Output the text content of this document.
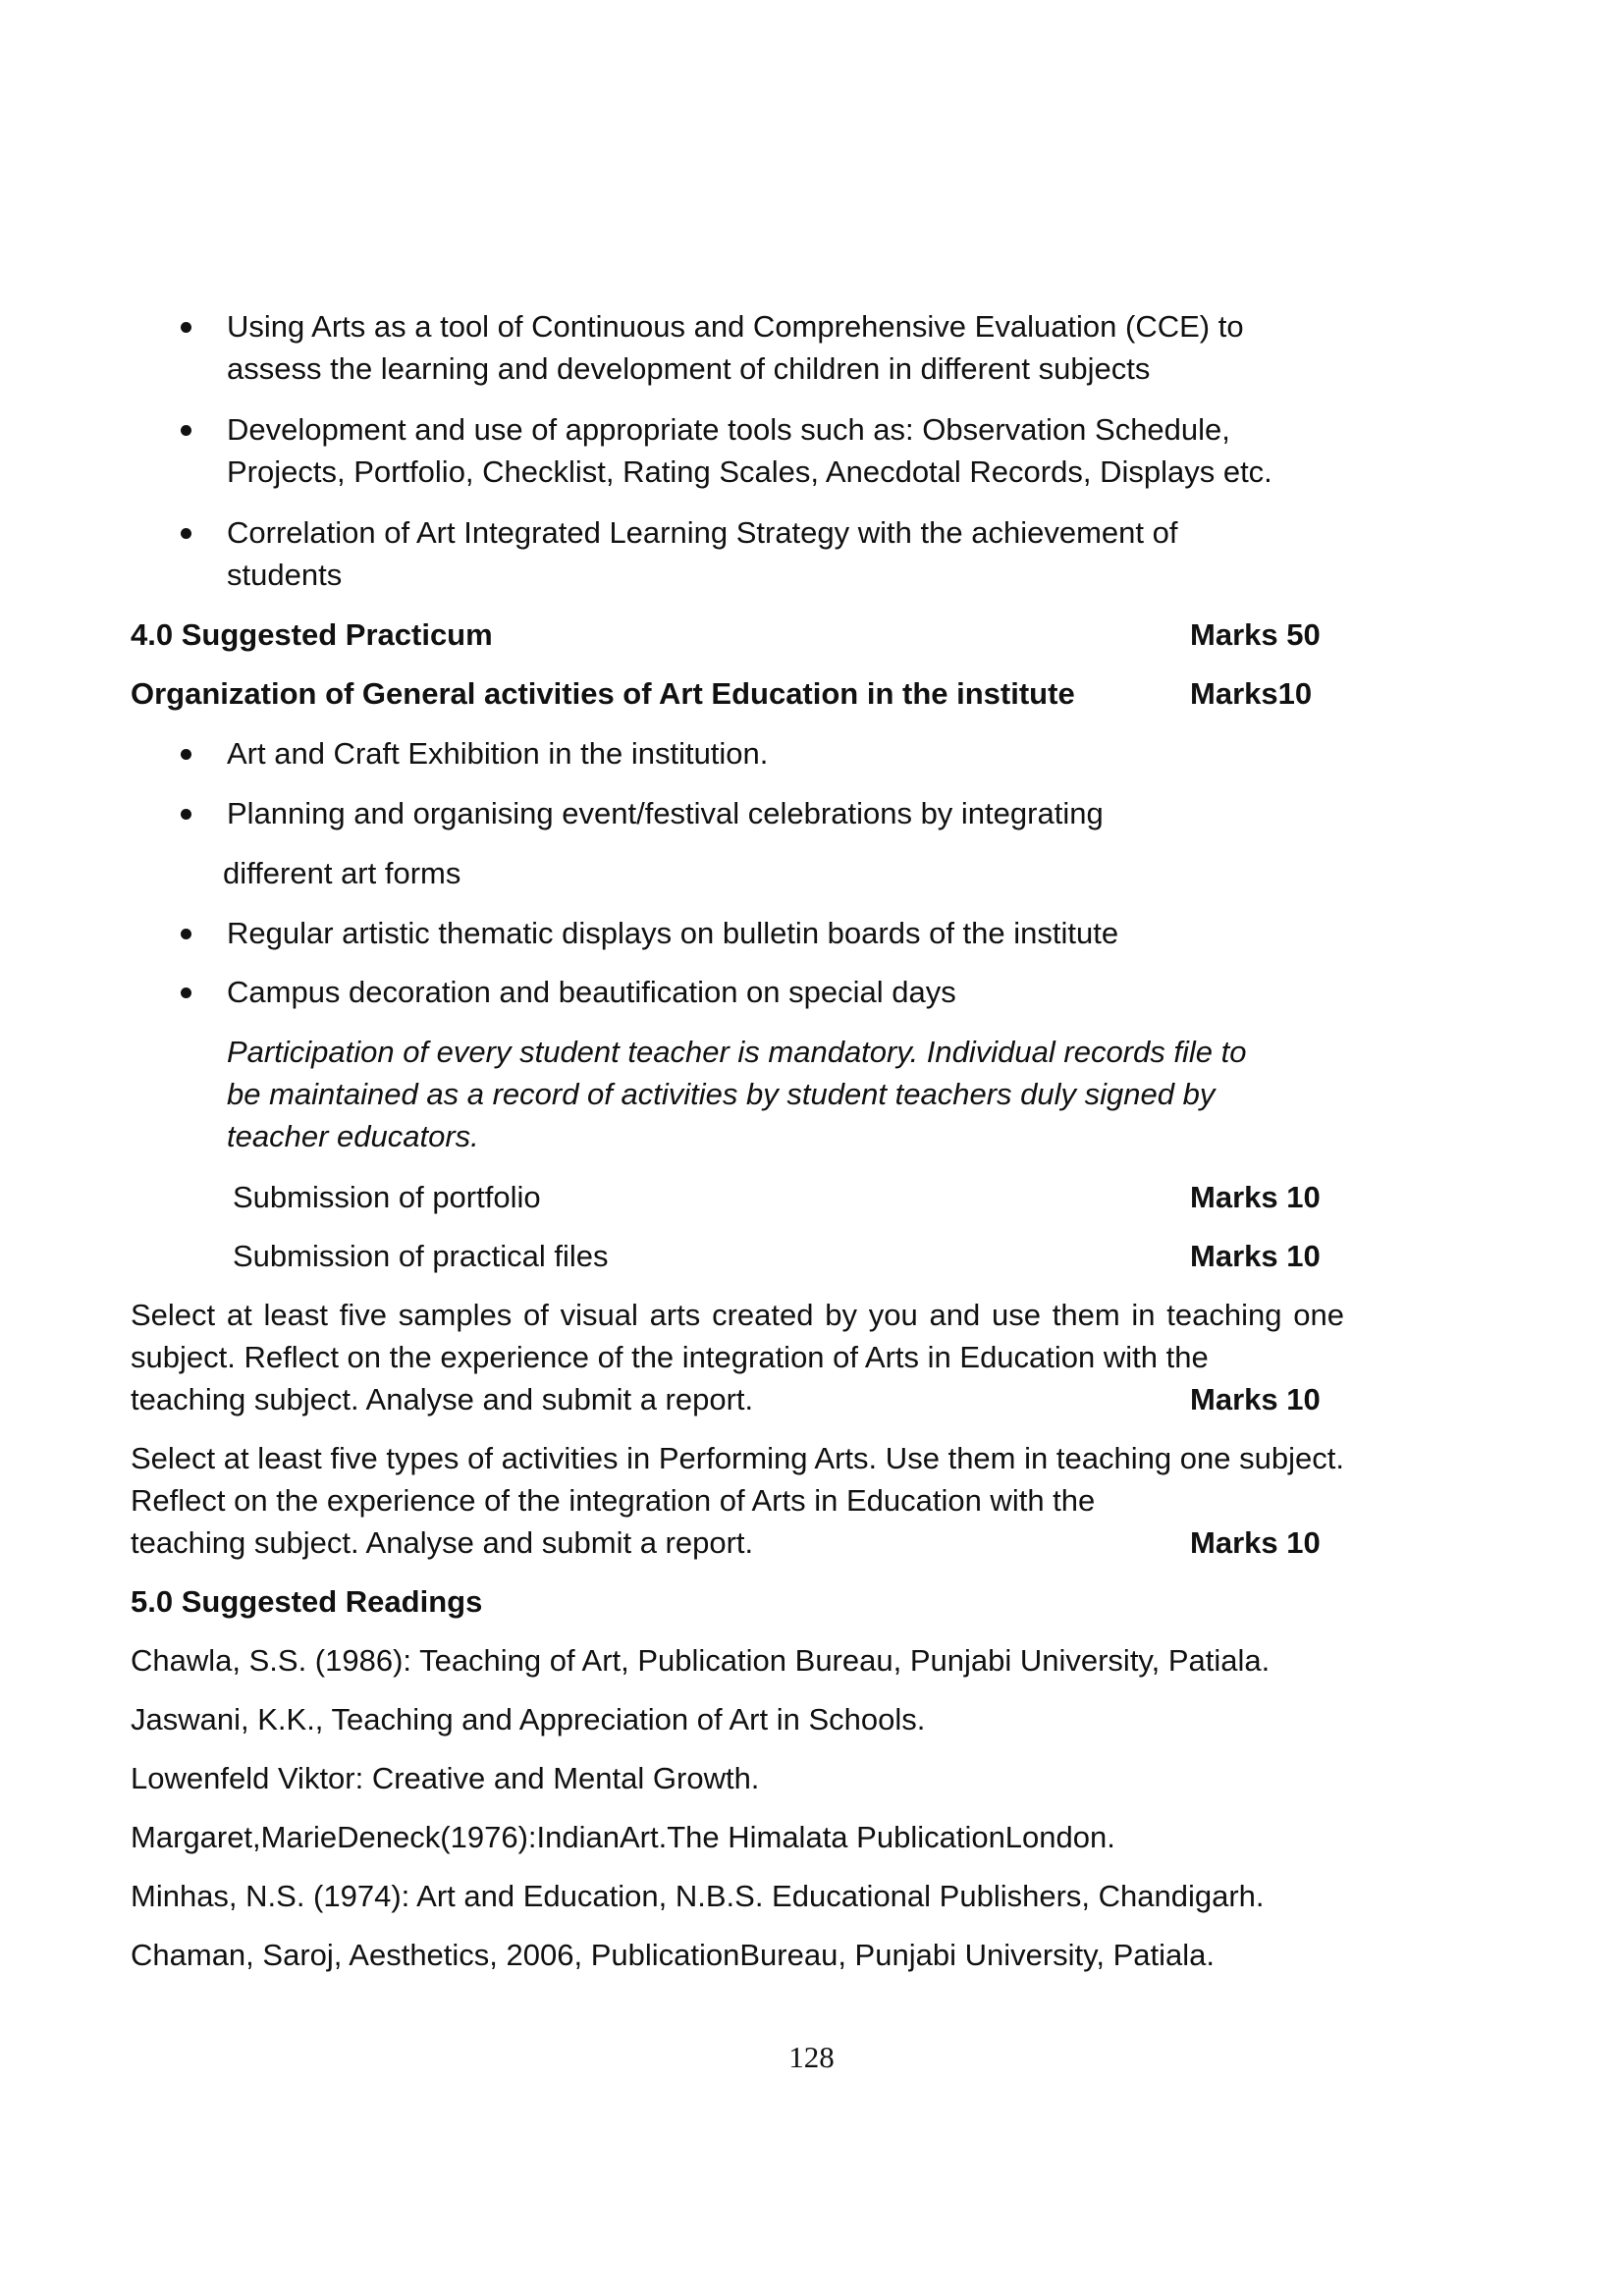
Using Arts as a tool of Continuous and Comprehensive Evaluation (CCE) to
assess the learning and development of children in different subjects
Development and use of appropriate tools such as: Observation Schedule,
Projects, Portfolio, Checklist, Rating Scales, Anecdotal Records, Displays etc.
Correlation of Art Integrated Learning Strategy with the achievement of
students
4.0 Suggested Practicum	Marks 50
Organization of General activities of Art Education in the institute	Marks10
Art and Craft Exhibition in the institution.
Planning and organising event/festival celebrations by integrating
different art forms
Regular artistic thematic displays on bulletin boards of the institute
Campus decoration and beautification on special days
Participation of every student teacher is mandatory. Individual records file to
be maintained as a record of activities by student teachers duly signed by
teacher educators.
Submission of portfolio	Marks 10
Submission of practical files	Marks 10
Select at least five samples of visual arts created by you and use them in teaching one subject. Reflect on the experience of the integration of Arts in Education with the
teaching subject. Analyse and submit a report.	Marks 10
Select at least five types of activities in Performing Arts. Use them in teaching one subject. Reflect on the experience of the integration of Arts in Education with the
teaching subject. Analyse and submit a report.	Marks 10
5.0 Suggested Readings
Chawla, S.S. (1986): Teaching of Art, Publication Bureau, Punjabi University, Patiala.
Jaswani, K.K., Teaching and Appreciation of Art in Schools.
Lowenfeld Viktor: Creative and Mental Growth.
Margaret,MarieDeneck(1976):IndianArt.The Himalata PublicationLondon.
Minhas, N.S. (1974): Art and Education, N.B.S. Educational Publishers, Chandigarh.
Chaman, Saroj, Aesthetics, 2006, PublicationBureau, Punjabi University, Patiala.
128
